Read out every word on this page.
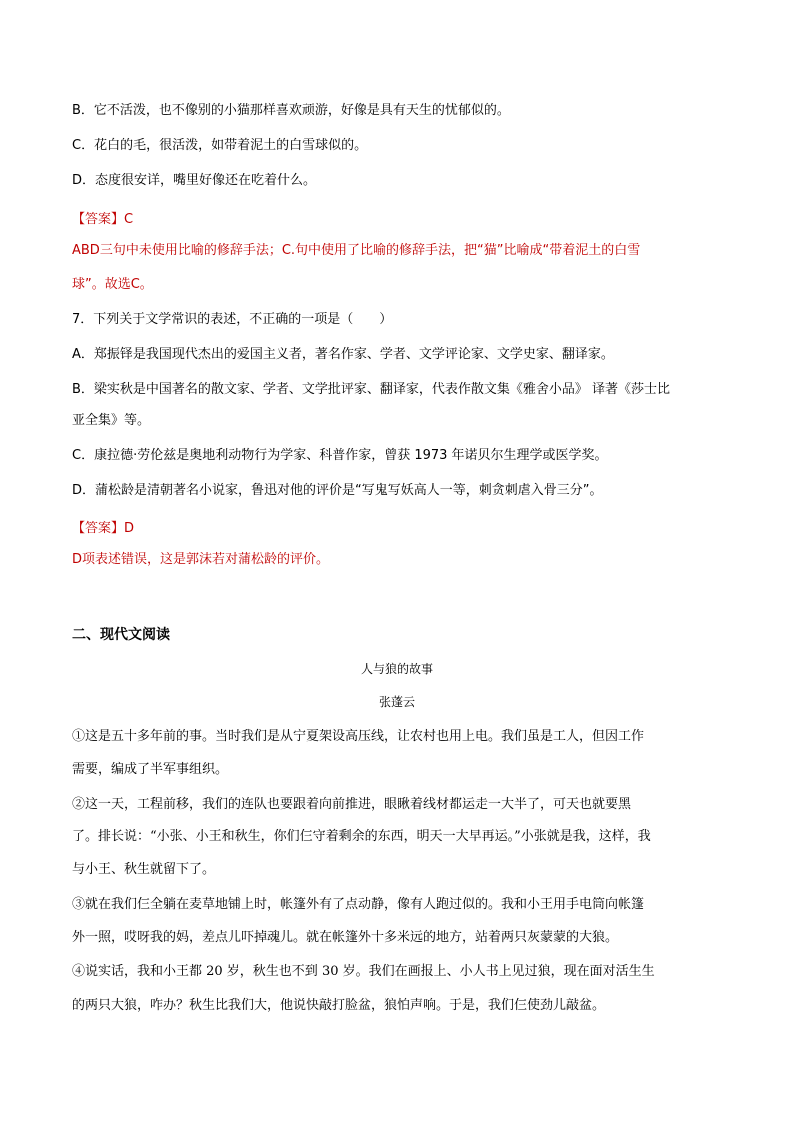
B．它不活泼，也不像别的小猫那样喜欢顽游，好像是具有天生的忧郁似的。
C．花白的毛，很活泼，如带着泥土的白雪球似的。
D．态度很安详，嘴里好像还在吃着什么。
【答案】C
ABD三句中未使用比喻的修辞手法；C.句中使用了比喻的修辞手法，把“猫”比喻成“带着泥土的白雪
球”。故选C。
7．下列关于文学常识的表述，不正确的一项是（　　）
A．郑振铎是我国现代杰出的爱国主义者，著名作家、学者、文学评论家、文学史家、翻译家。
B．梁实秋是中国著名的散文家、学者、文学批评家、翻译家，代表作散文集《雅舍小品》 译著《莎士比
亚全集》等。
C．康拉德·劳伦兹是奥地利动物行为学家、科普作家，曾获 1973 年诺贝尔生理学或医学奖。
D．蒲松龄是清朝著名小说家，鲁迅对他的评价是“写鬼写妖高人一等，刺贪刺虐入骨三分”。
【答案】D
D项表述错误，这是郭沫若对蒲松龄的评价。
二、现代文阅读
人与狼的故事
张蓬云
①这是五十多年前的事。当时我们是从宁夏架设高压线，让农村也用上电。我们虽是工人，但因工作
需要，编成了半军事组织。
②这一天，工程前移，我们的连队也要跟着向前推进，眼瞅着线材都运走一大半了，可天也就要黑
了。排长说：“小张、小王和秋生，你们仨守着剩余的东西，明天一大早再运。”小张就是我，这样，我
与小王、秋生就留下了。
③就在我们仨全躺在麦草地铺上时，帐篷外有了点动静，像有人跑过似的。我和小王用手电筒向帐篷
外一照，哎呀我的妈，差点儿吓掉魂儿。就在帐篷外十多米远的地方，站着两只灰蒙蒙的大狼。
④说实话，我和小王都 20 岁，秋生也不到 30 岁。我们在画报上、小人书上见过狼，现在面对活生生
的两只大狼，咋办？秋生比我们大，他说快敲打脸盆，狼怕声响。于是，我们仨使劲儿敲盆。
